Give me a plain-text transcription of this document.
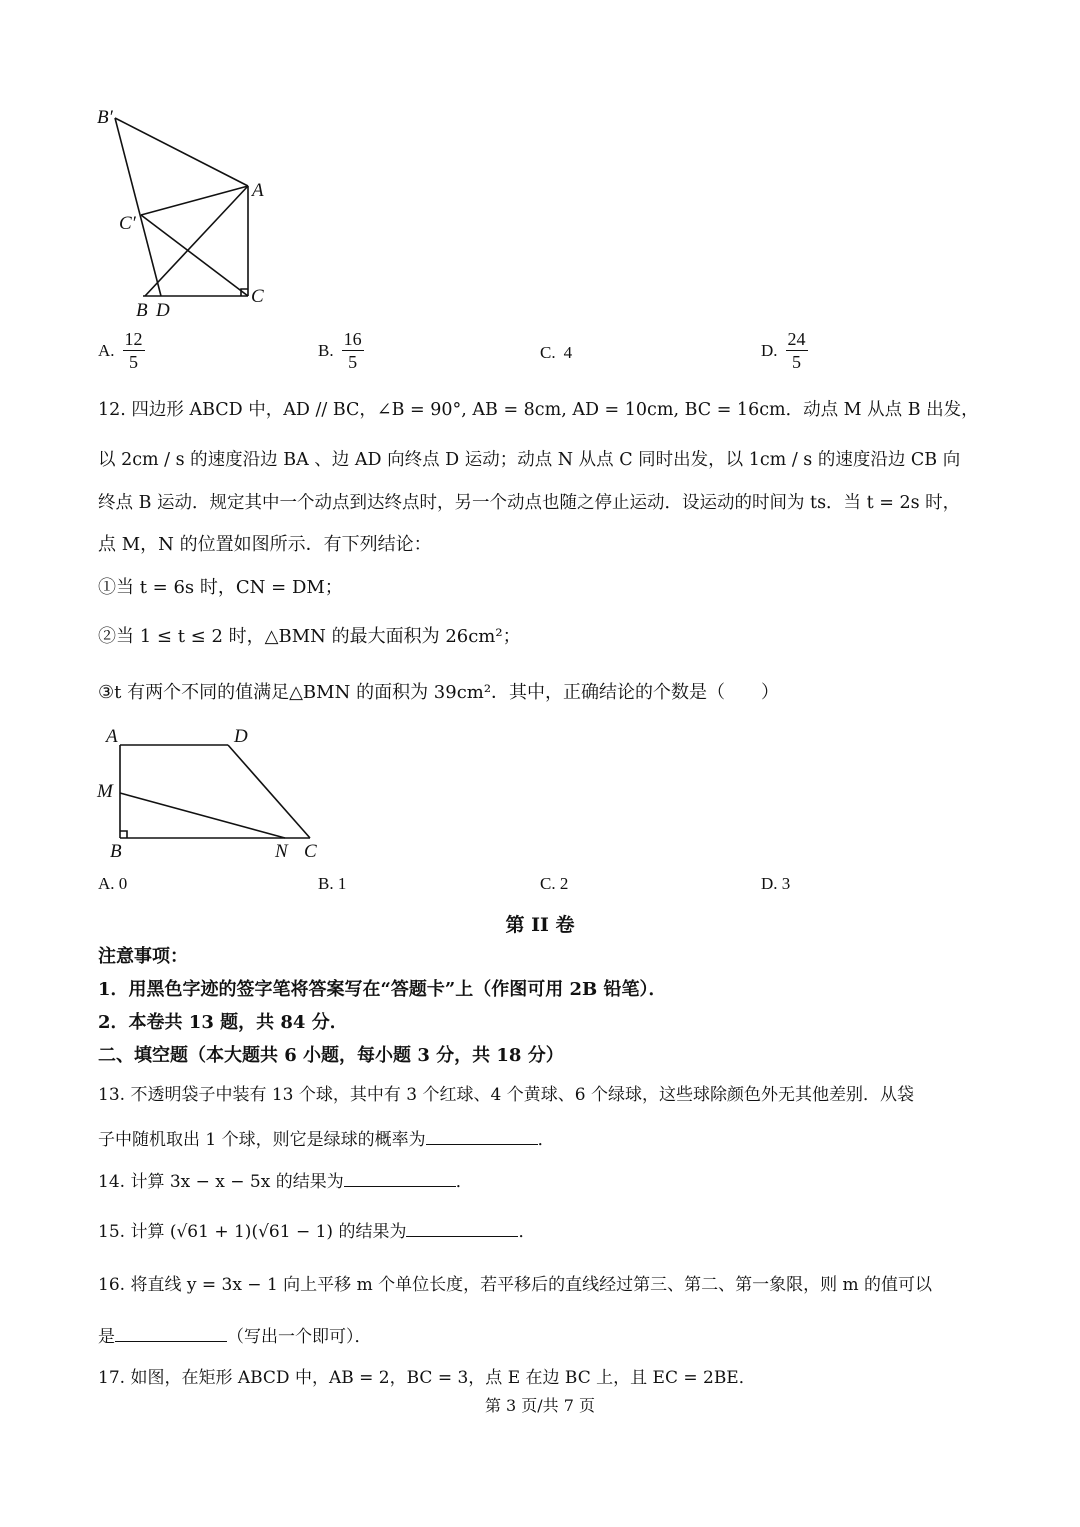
B′
A
C′
B D
C
A	D
M
B	N C
A. $\frac{12}{5}$	B. $\frac{16}{5}$	C. 4	D. $\frac{24}{5}$
12. 四边形 ABCD 中，AD // BC，∠B = 90°, AB = 8cm, AD = 10cm, BC = 16cm．动点 M 从点 B 出发，
以 2cm / s 的速度沿边 BA 、边 AD 向终点 D 运动；动点 N 从点 C 同时出发，以 1cm / s 的速度沿边 CB 向
终点 B 运动．规定其中一个动点到达终点时，另一个动点也随之停止运动．设运动的时间为 ts．当 t = 2s 时，
点 M，N 的位置如图所示．有下列结论：
①当 t = 6s 时，CN = DM；
②当 1 ≤ t ≤ 2 时，△BMN 的最大面积为 26cm²；
③t 有两个不同的值满足△BMN 的面积为 39cm²．其中，正确结论的个数是（　　）
A. 0	B. 1	C. 2	D. 3
第 II 卷
注意事项：
1．用黑色字迹的签字笔将答案写在“答题卡”上（作图可用 2B 铅笔）．
2．本卷共 13 题，共 84 分．
二、填空题（本大题共 6 小题，每小题 3 分，共 18 分）
13. 不透明袋子中装有 13 个球，其中有 3 个红球、4 个黄球、6 个绿球，这些球除颜色外无其他差别．从袋
子中随机取出 1 个球，则它是绿球的概率为	．
14. 计算 3x − x − 5x 的结果为	．
15. 计算 (√61 + 1)(√61 − 1) 的结果为	．
16. 将直线 y = 3x − 1 向上平移 m 个单位长度，若平移后的直线经过第三、第二、第一象限，则 m 的值可以
是	（写出一个即可）．
17. 如图，在矩形 ABCD 中，AB = 2，BC = 3，点 E 在边 BC 上，且 EC = 2BE．
第 3 页/共 7 页
